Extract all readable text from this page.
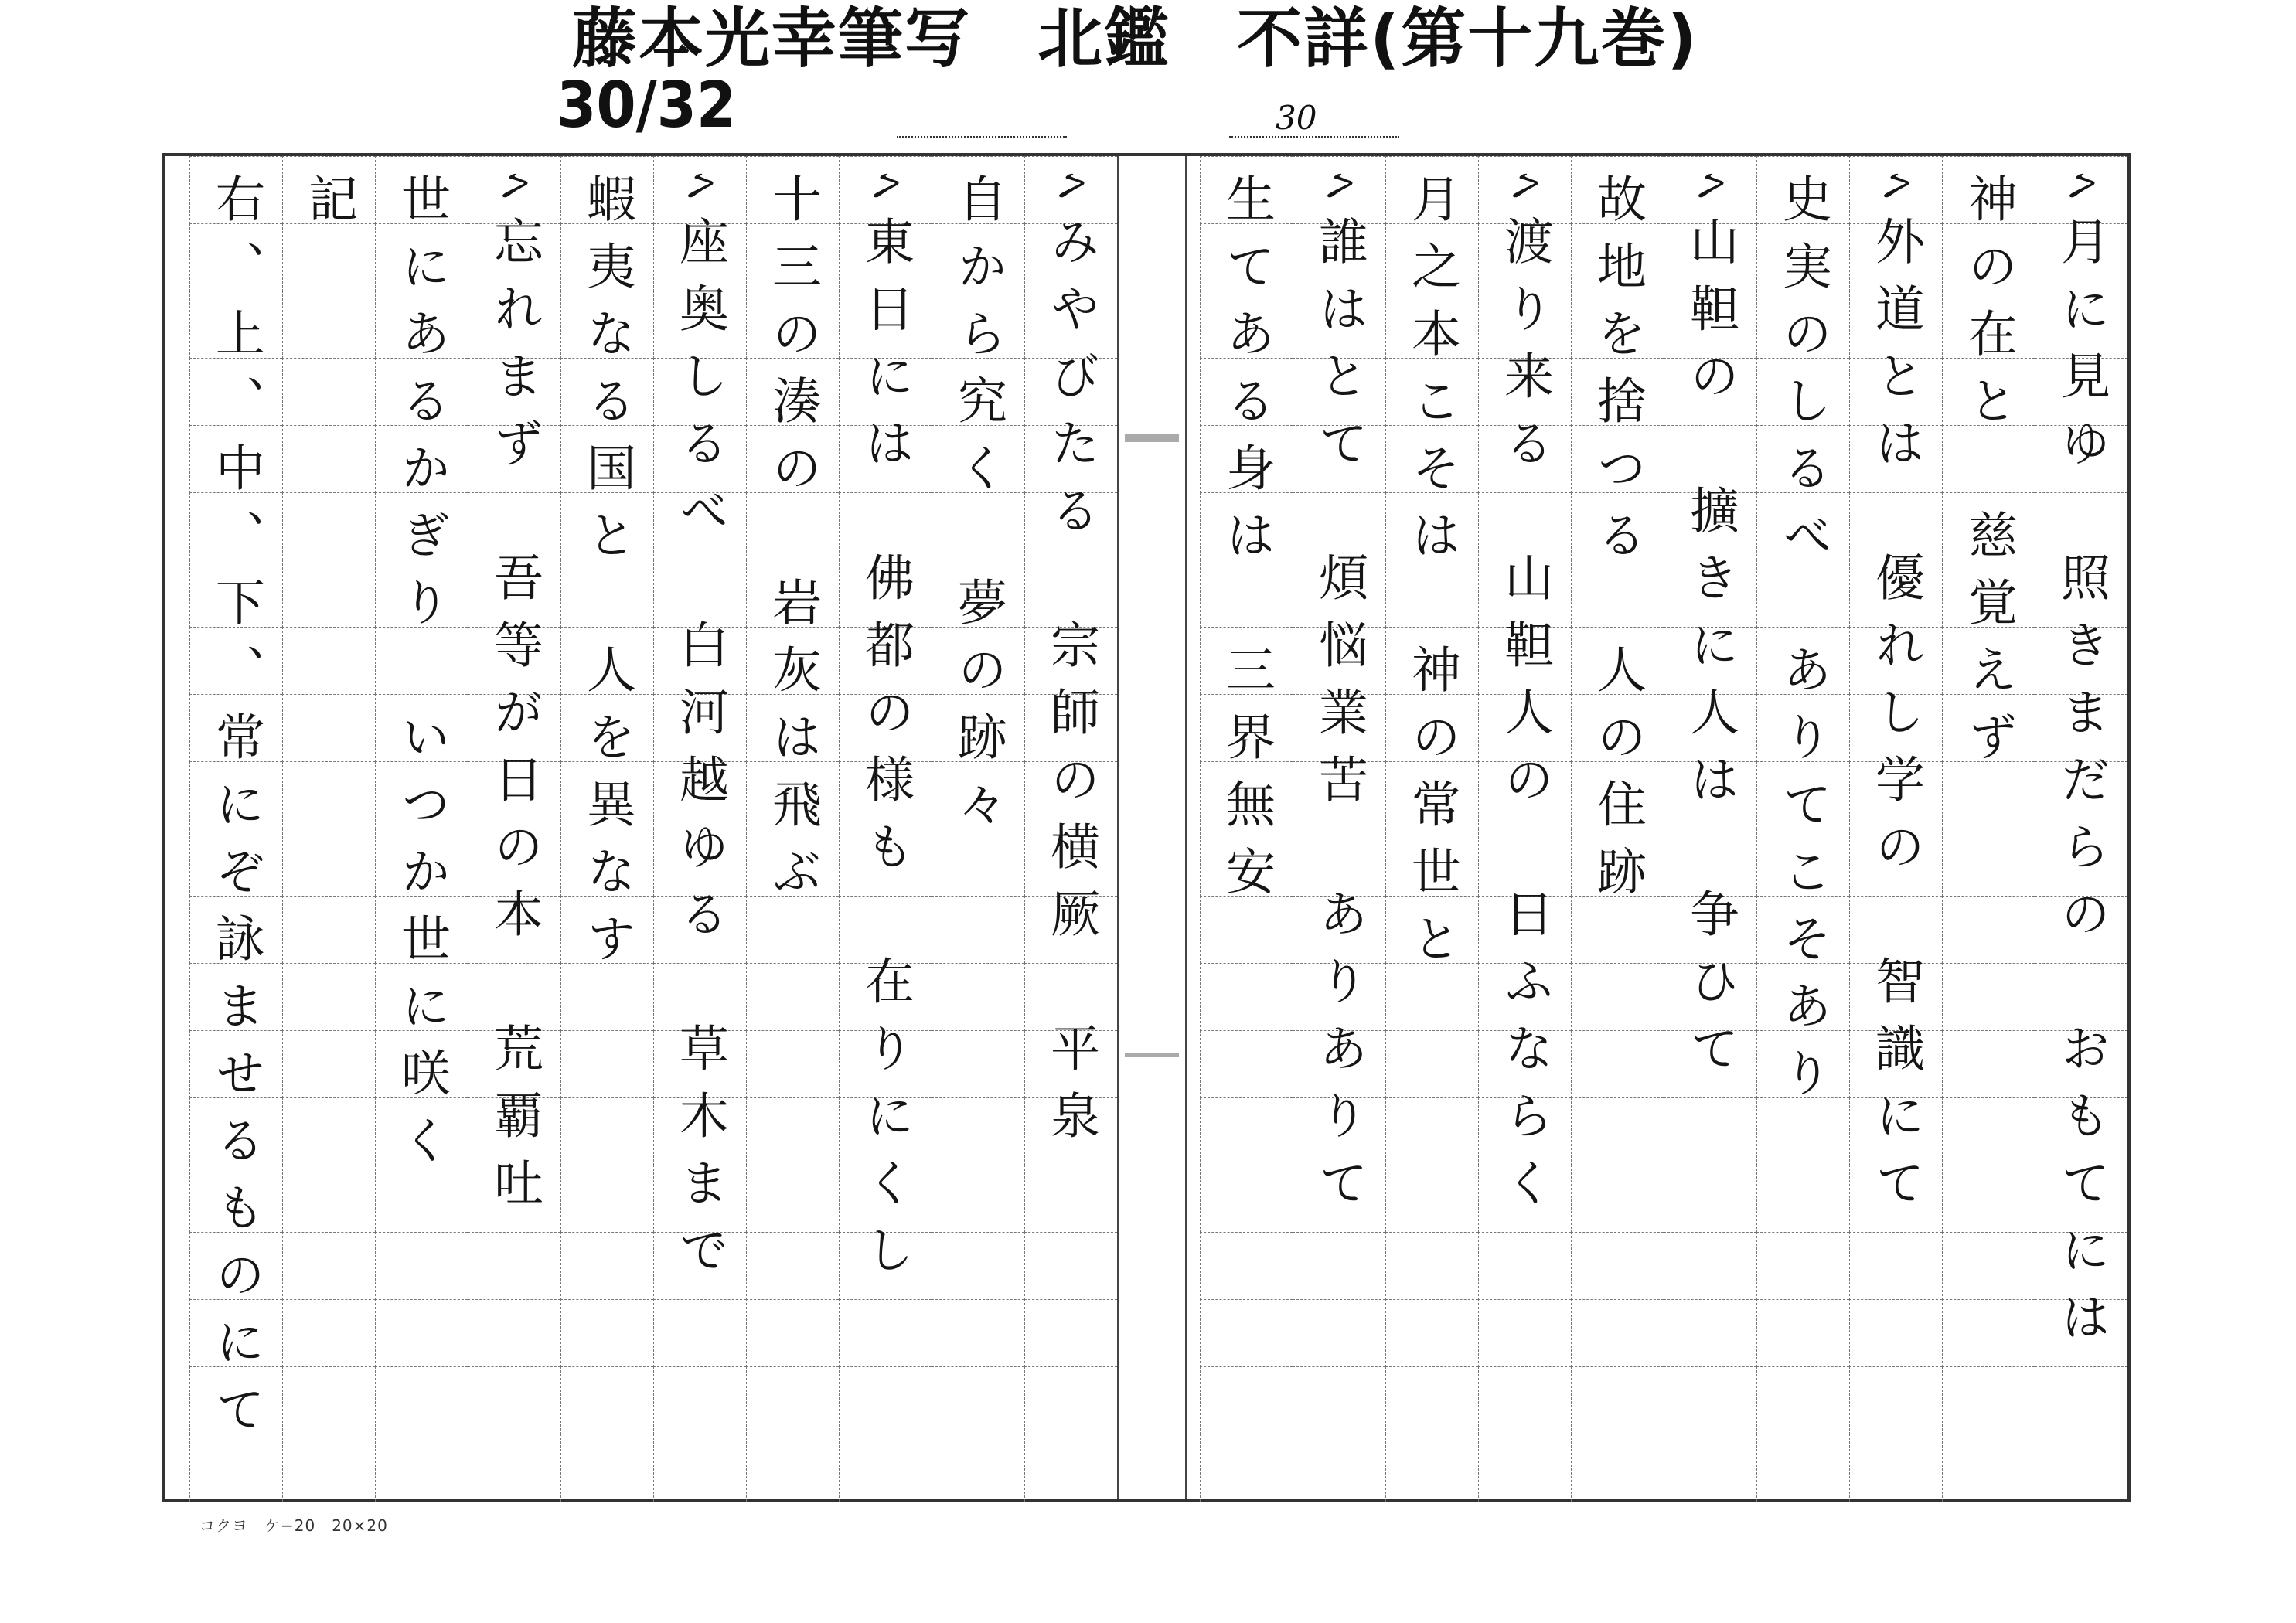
藤本光幸筆写　北鑑　不詳(第十九巻)
30/32	30
ﾍ月に見ゆ　照きまだらの　おもてには
神の在と　慈覚えず
ﾍ外道とは　優れし学の　智識にて
史実のしるべ　ありてこそあり
ﾍ山靼の　擴きに人は　争ひて
故地を捨つる　人の住跡
ﾍ渡り来る　山靼人の　日ふならく
月之本こそは　神の常世と
ﾍ誰はとて　煩悩業苦　ありありて
生てある身は　三界無安
ﾍみやびたる　宗師の横厥　平泉
自から究く　夢の跡々
ﾍ東日には　佛都の様も　在りにくし
十三の湊の　岩灰は飛ぶ
ﾍ座奥しるべ　白河越ゆる　草木まで
蝦夷なる国と　人を異なす
ﾍ忘れまず　吾等が日の本　荒覇吐
世にあるかぎり　いつか世に咲く
記
右、上、中、下、常にぞ詠ませるものにて
コクヨ　ケ−20　20×20
